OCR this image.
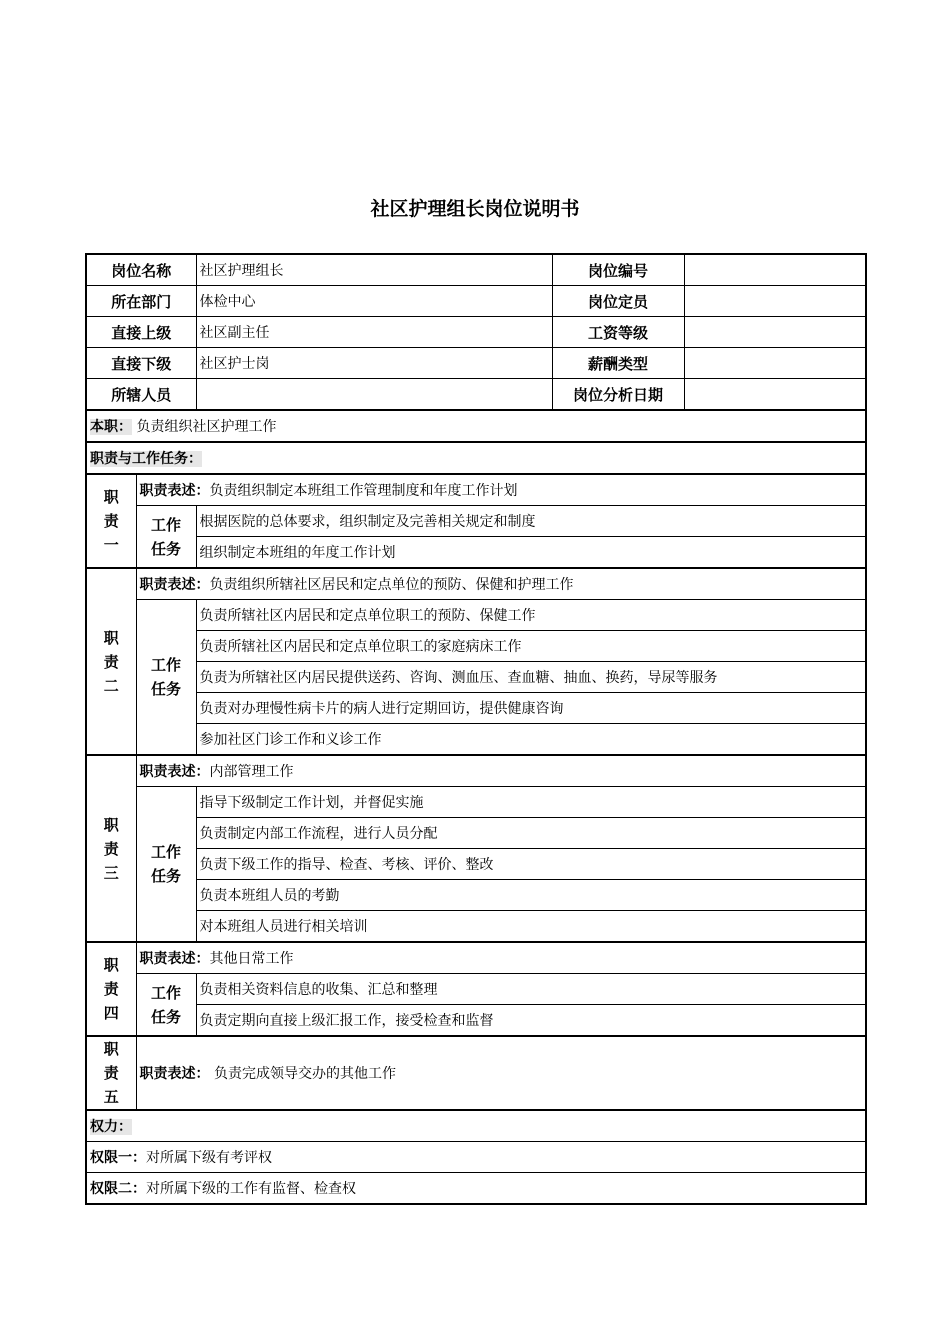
社区护理组长岗位说明书
岗位名称		社区护理组长	岗位编号	
所在部门		体检中心	岗位定员	
直接上级		社区副主任	工资等级	
直接下级		社区护士岗	薪酬类型	
所辖人员			岗位分析日期	
本职： 负责组织社区护理工作				
职责与工作任务：				

职责一	职责表述：负责组织制定本班组工作管理制度和年度工作计划			

	工作任务	根据医院的总体要求，组织制定及完善相关规定和制度		
		组织制定本班组的年度工作计划		

职责二	职责表述：负责组织所辖社区居民和定点单位的预防、保健和护理工作			

	工作任务	负责所辖社区内居民和定点单位职工的预防、保健工作		
		负责所辖社区内居民和定点单位职工的家庭病床工作		
		负责为所辖社区内居民提供送药、咨询、测血压、查血糖、抽血、换药，导尿等服务		
		负责对办理慢性病卡片的病人进行定期回访，提供健康咨询		
		参加社区门诊工作和义诊工作		

职责三	职责表述：内部管理工作			

	工作任务	指导下级制定工作计划，并督促实施		
		负责制定内部工作流程，进行人员分配		
		负责下级工作的指导、检查、考核、评价、整改		
		负责本班组人员的考勤		
		对本班组人员进行相关培训		

职责四	职责表述：其他日常工作			

	工作任务	负责相关资料信息的收集、汇总和整理		
		负责定期向直接上级汇报工作，接受检查和监督		

职责五	职责表述： 负责完成领导交办的其他工作			
权力：				
权限一：对所属下级有考评权				
权限二：对所属下级的工作有监督、检查权				
